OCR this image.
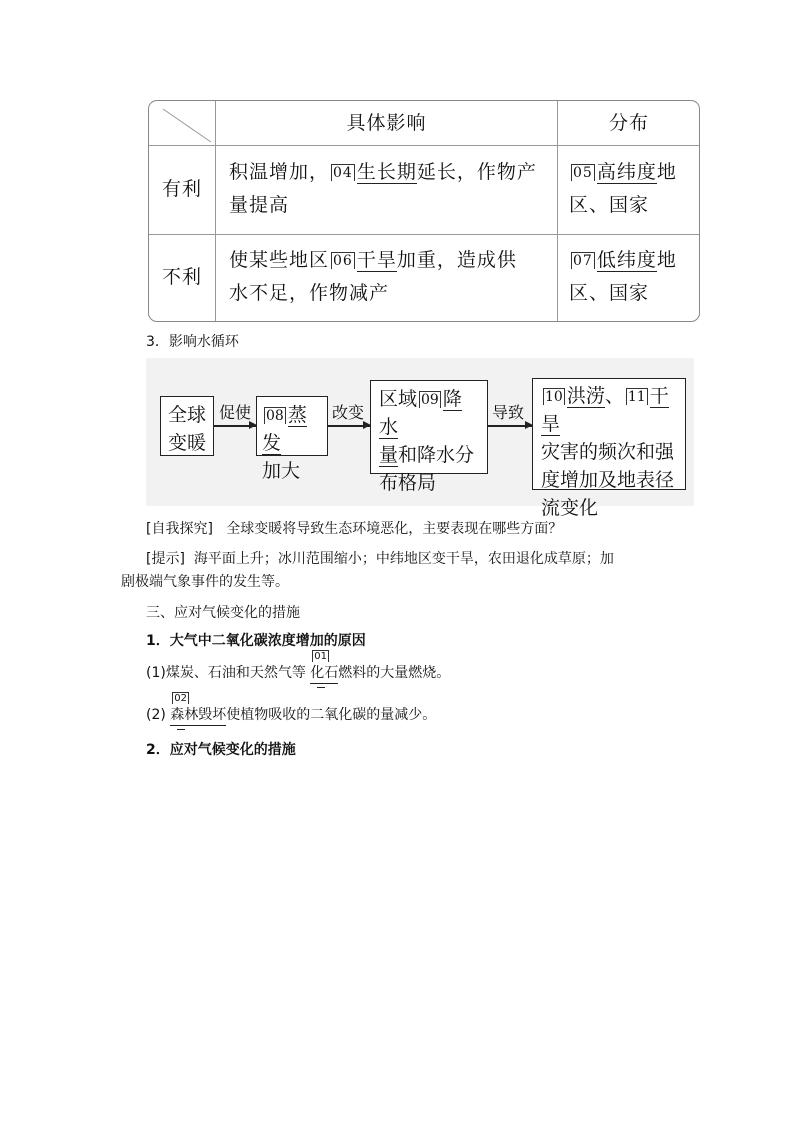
具体影响	分布
有利
积温增加， 04 生长期延长，作物产
量提高
05 高纬度地
区、国家
不利
使某些地区 06 干旱加重，造成供
水不足，作物减产
07 低纬度地
区、国家
3．影响水循环
全球变暖
促使 08 蒸发
加大
改变
区域 09 降水
量和降水分
布格局
导致
10 洪涝、 11 干旱
灾害的频次和强
度增加及地表径
流变化
[自我探究] 全球变暖将导致生态环境恶化，主要表现在哪些方面？
[提示] 海平面上升；冰川范围缩小；中纬地区变干旱，农田退化成草原；加
剧极端气象事件的发生等。
三、应对气候变化的措施
1．大气中二氧化碳浓度增加的原因
(1)煤炭、石油和天然气等
01
化石燃料的大量燃烧。
(2)
02
森林毁坏使植物吸收的二氧化碳的量减少。
2．应对气候变化的措施
